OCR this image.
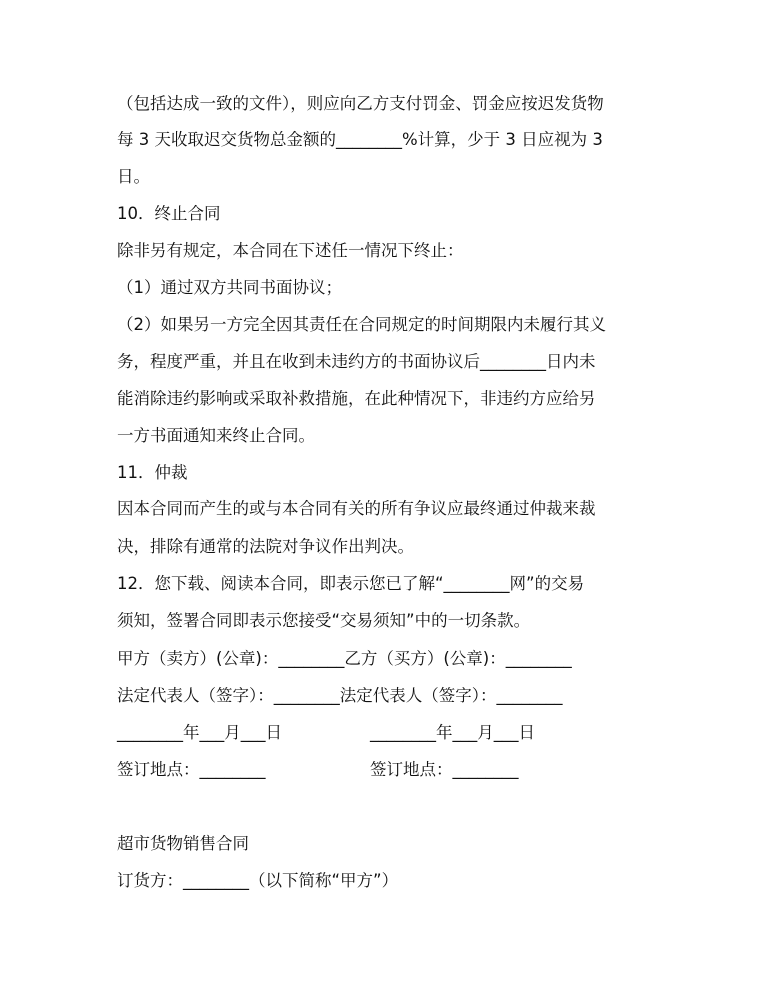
（包括达成一致的文件），则应向乙方支付罚金、罚金应按迟发货物
每 3 天收取迟交货物总金额的________%计算，少于 3 日应视为 3
日。
10．终止合同
除非另有规定，本合同在下述任一情况下终止：
（1）通过双方共同书面协议；
（2）如果另一方完全因其责任在合同规定的时间期限内未履行其义
务，程度严重，并且在收到未违约方的书面协议后________日内未
能消除违约影响或采取补救措施，在此种情况下，非违约方应给另
一方书面通知来终止合同。
11．仲裁
因本合同而产生的或与本合同有关的所有争议应最终通过仲裁来裁
决，排除有通常的法院对争议作出判决。
12．您下载、阅读本合同，即表示您已了解“________网”的交易
须知，签署合同即表示您接受“交易须知”中的一切条款。
甲方（卖方）(公章)：________乙方（买方）(公章)：________
法定代表人（签字）：________法定代表人（签字）：________
________年___月___日	________年___月___日
签订地点：________	签订地点：________
超市货物销售合同
订货方：________（以下简称“甲方”）
